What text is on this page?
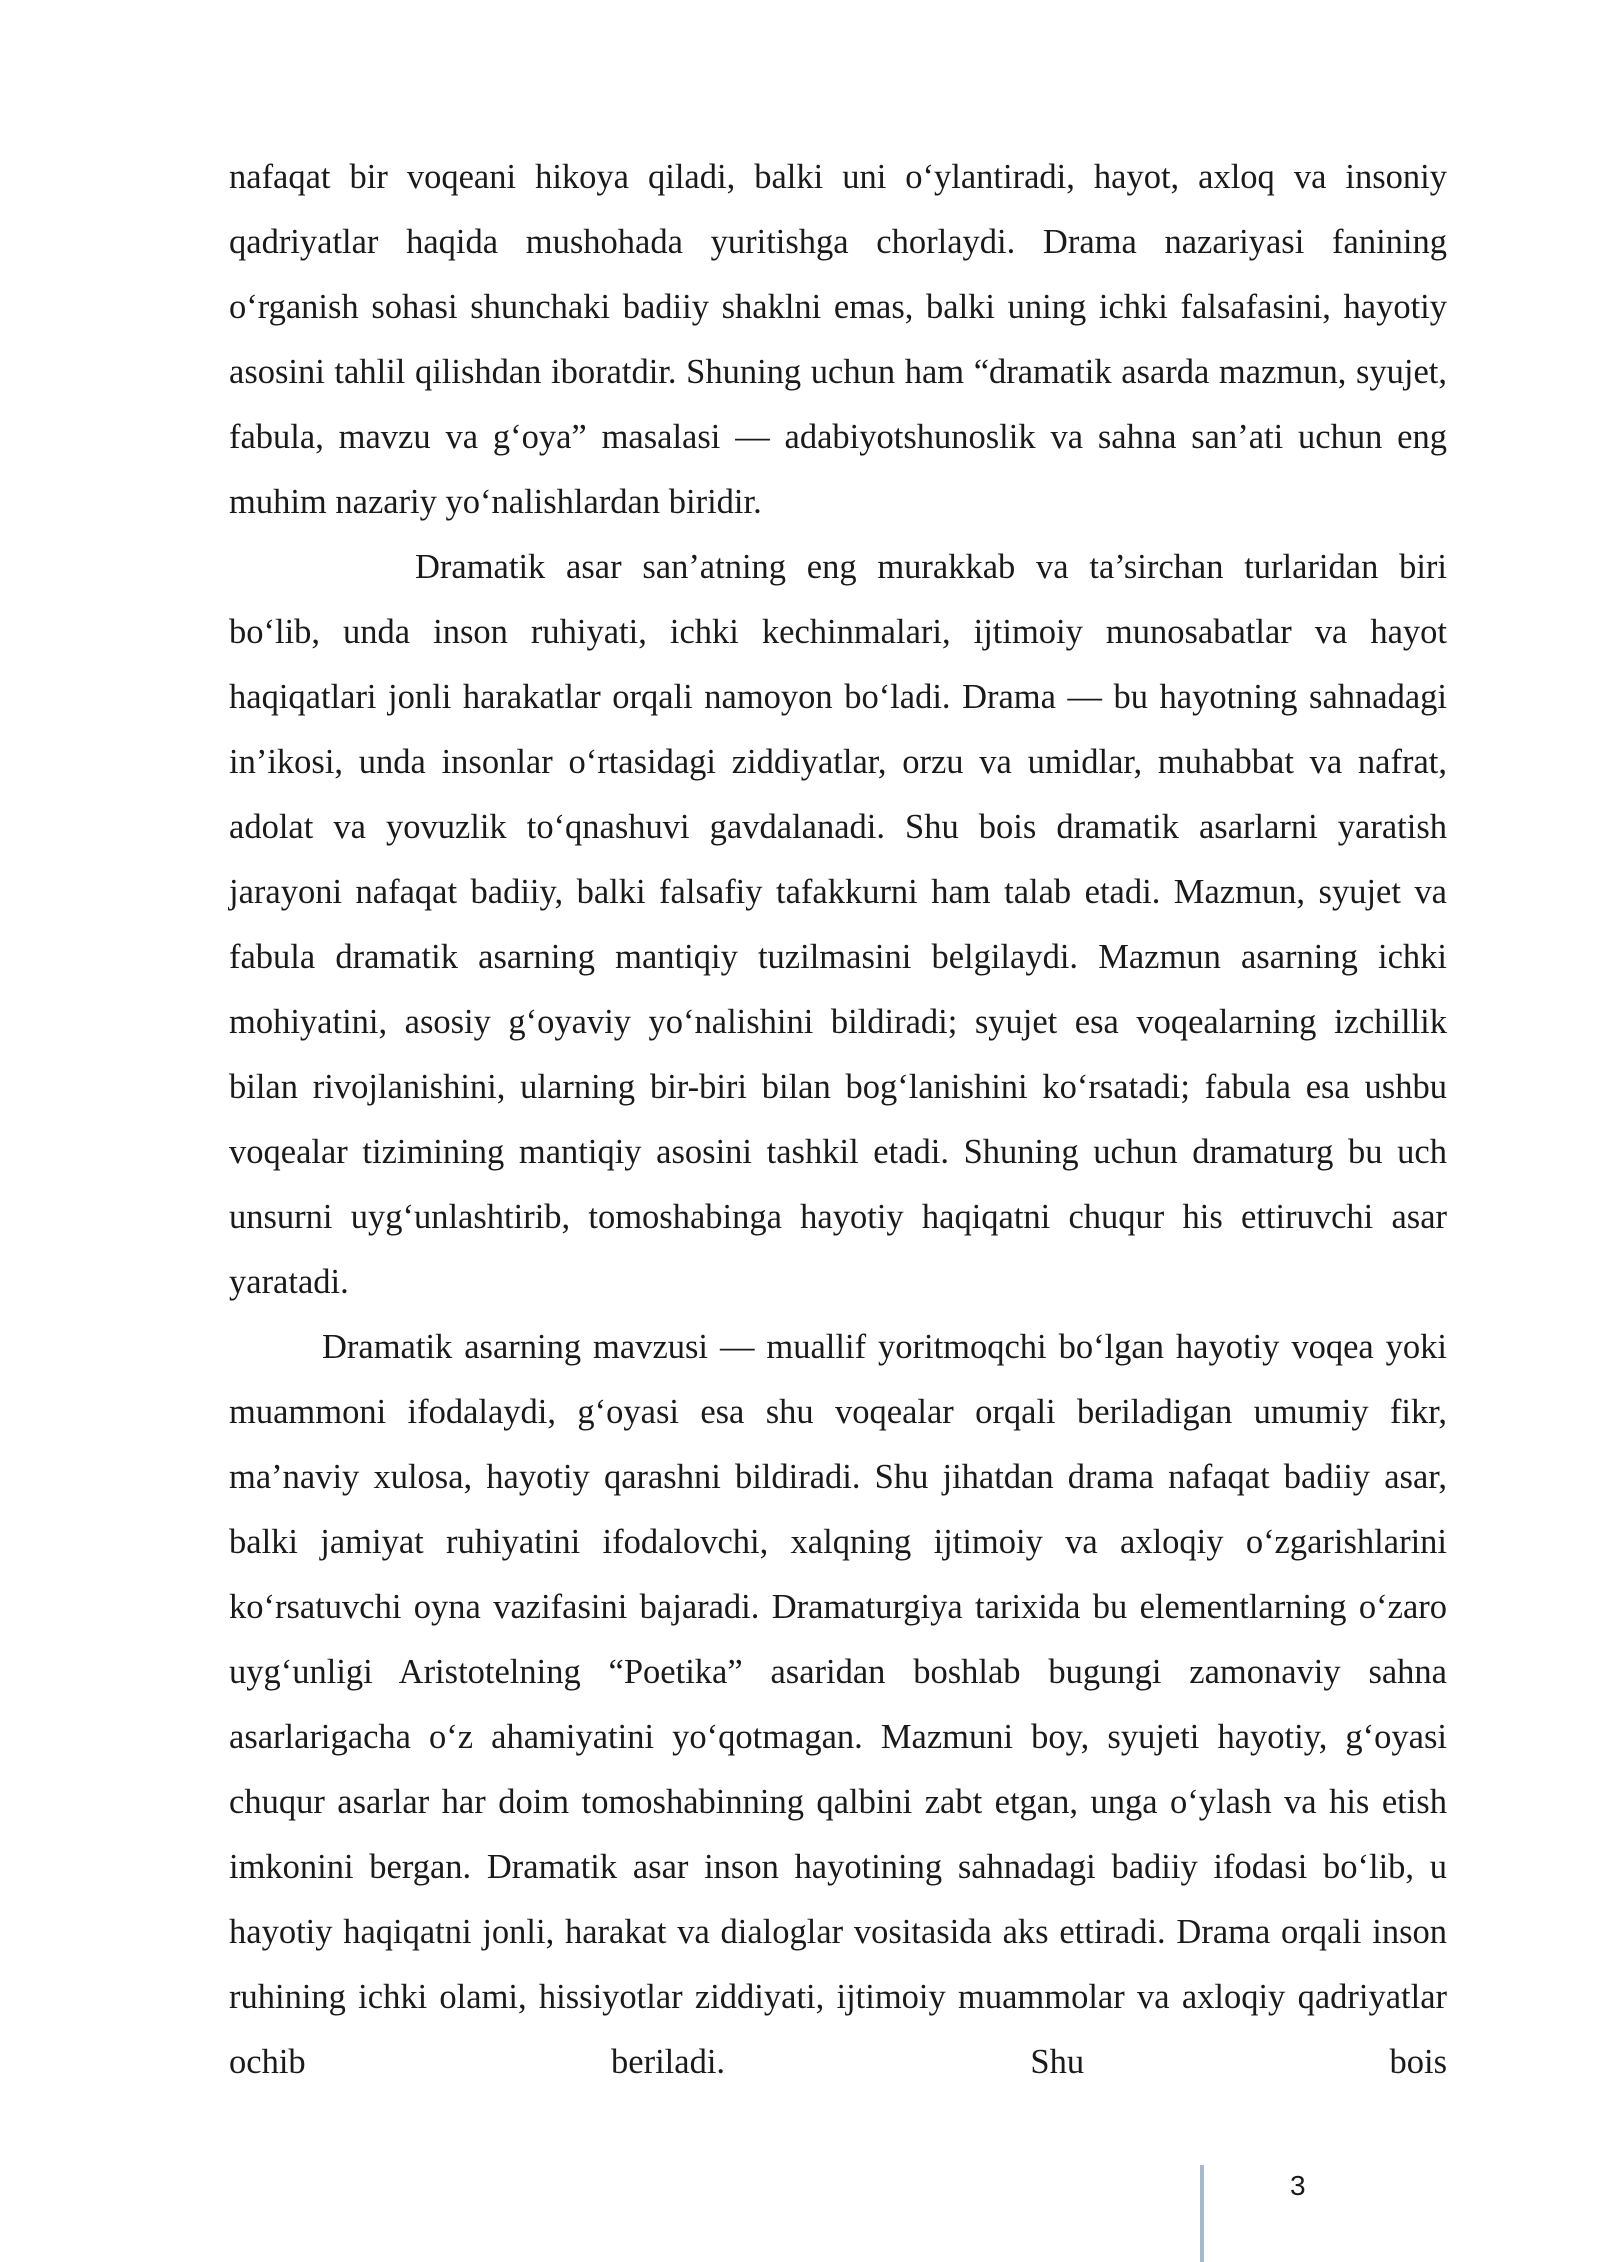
nafaqat bir voqeani hikoya qiladi, balki uni o‘ylantiradi, hayot, axloq va insoniy qadriyatlar haqida mushohada yuritishga chorlaydi. Drama nazariyasi fanining o‘rganish sohasi shunchaki badiiy shaklni emas, balki uning ichki falsafasini, hayotiy asosini tahlil qilishdan iboratdir. Shuning uchun ham “dramatik asarda mazmun, syujet, fabula, mavzu va g‘oya” masalasi — adabiyotshunoslik va sahna san’ati uchun eng muhim nazariy yo‘nalishlardan biridir.

Dramatik asar san’atning eng murakkab va ta’sirchan turlaridan biri bo‘lib, unda inson ruhiyati, ichki kechinmalari, ijtimoiy munosabatlar va hayot haqiqatlari jonli harakatlar orqali namoyon bo‘ladi. Drama — bu hayotning sahnadagi in’ikosi, unda insonlar o‘rtasidagi ziddiyatlar, orzu va umidlar, muhabbat va nafrat, adolat va yovuzlik to‘qnashuvi gavdalanadi. Shu bois dramatik asarlarni yaratish jarayoni nafaqat badiiy, balki falsafiy tafakkurni ham talab etadi. Mazmun, syujet va fabula dramatik asarning mantiqiy tuzilmasini belgilaydi. Mazmun asarning ichki mohiyatini, asosiy g‘oyaviy yo‘nalishini bildiradi; syujet esa voqealarning izchillik bilan rivojlanishini, ularning bir-biri bilan bog‘lanishini ko‘rsatadi; fabula esa ushbu voqealar tizimining mantiqiy asosini tashkil etadi. Shuning uchun dramaturg bu uch unsurni uyg‘unlashtirib, tomoshabinga hayotiy haqiqatni chuqur his ettiruvchi asar yaratadi.

Dramatik asarning mavzusi — muallif yoritmoqchi bo‘lgan hayotiy voqea yoki muammoni ifodalaydi, g‘oyasi esa shu voqealar orqali beriladigan umumiy fikr, ma’naviy xulosa, hayotiy qarashni bildiradi. Shu jihatdan drama nafaqat badiiy asar, balki jamiyat ruhiyatini ifodalovchi, xalqning ijtimoiy va axloqiy o‘zgarishlarini ko‘rsatuvchi oyna vazifasini bajaradi. Dramaturgiya tarixida bu elementlarning o‘zaro uyg‘unligi Aristotelning “Poetika” asaridan boshlab bugungi zamonaviy sahna asarlarigacha o‘z ahamiyatini yo‘qotmagan. Mazmuni boy, syujeti hayotiy, g‘oyasi chuqur asarlar har doim tomoshabinning qalbini zabt etgan, unga o‘ylash va his etish imkonini bergan. Dramatik asar inson hayotining sahnadagi badiiy ifodasi bo‘lib, u hayotiy haqiqatni jonli, harakat va dialoglar vositasida aks ettiradi. Drama orqali inson ruhining ichki olami, hissiyotlar ziddiyati, ijtimoiy muammolar va axloqiy qadriyatlar ochib beriladi. Shu bois

3
